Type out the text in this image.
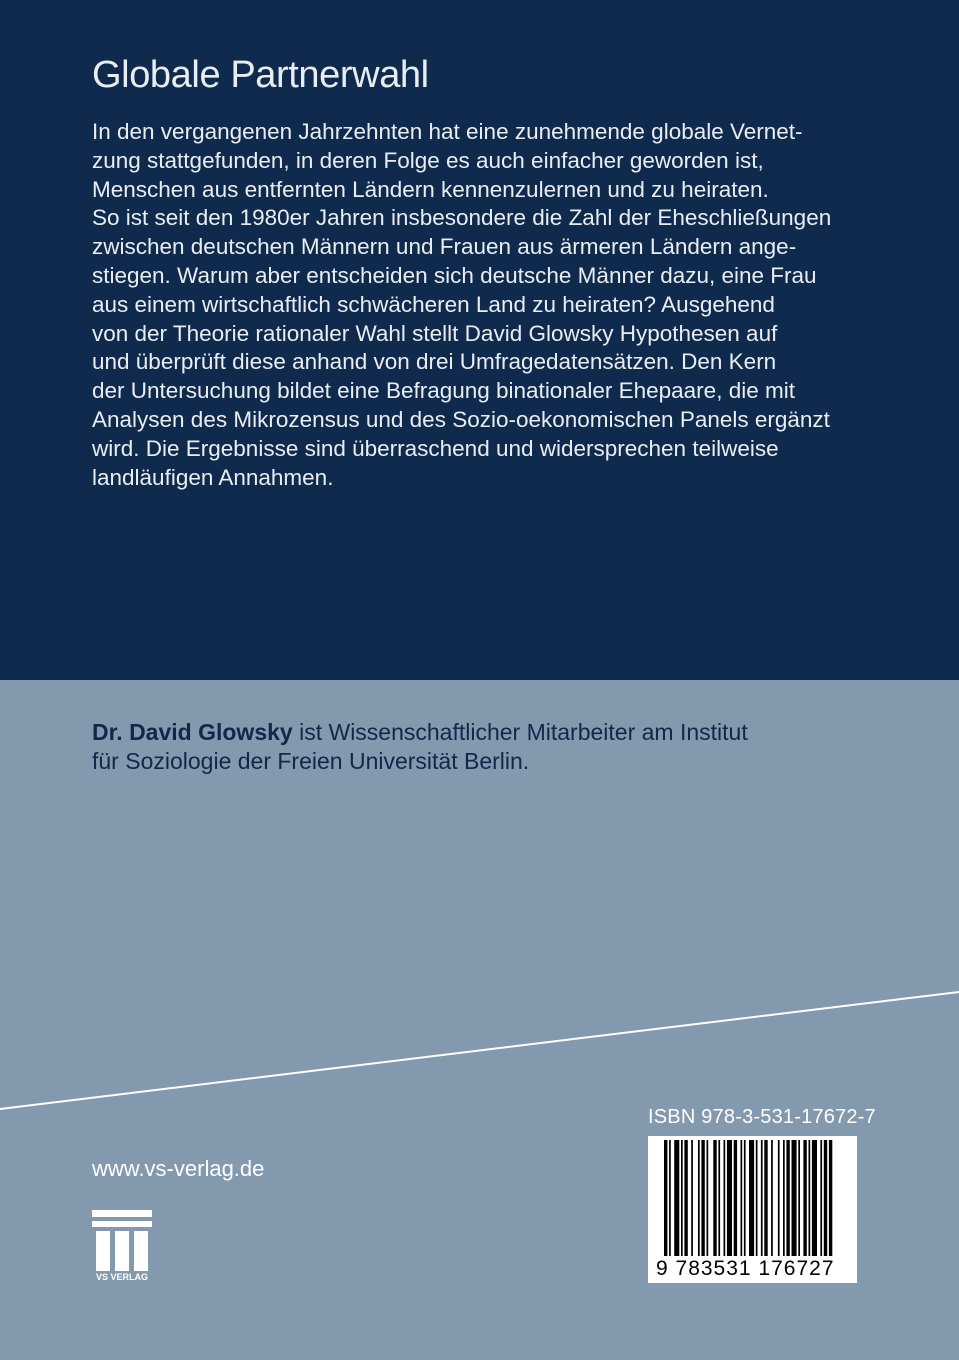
Globale Partnerwahl
In den vergangenen Jahrzehnten hat eine zunehmende globale Vernet-
zung stattgefunden, in deren Folge es auch einfacher geworden ist,
Menschen aus entfernten Ländern kennenzulernen und zu heiraten.
So ist seit den 1980er Jahren insbesondere die Zahl der Eheschließungen
zwischen deutschen Männern und Frauen aus ärmeren Ländern ange-
stiegen. Warum aber entscheiden sich deutsche Männer dazu, eine Frau
aus einem wirtschaftlich schwächeren Land zu heiraten? Ausgehend
von der Theorie rationaler Wahl stellt David Glowsky Hypothesen auf
und überprüft diese anhand von drei Umfragedatensätzen. Den Kern
der Untersuchung bildet eine Befragung binationaler Ehepaare, die mit
Analysen des Mikrozensus und des Sozio-oekonomischen Panels ergänzt
wird. Die Ergebnisse sind überraschend und widersprechen teilweise
landläufigen Annahmen.
Dr. David Glowsky ist Wissenschaftlicher Mitarbeiter am Institut
für Soziologie der Freien Universität Berlin.
ISBN 978-3-531-17672-7
9 783531 176727
www.vs-verlag.de
VS VERLAG
